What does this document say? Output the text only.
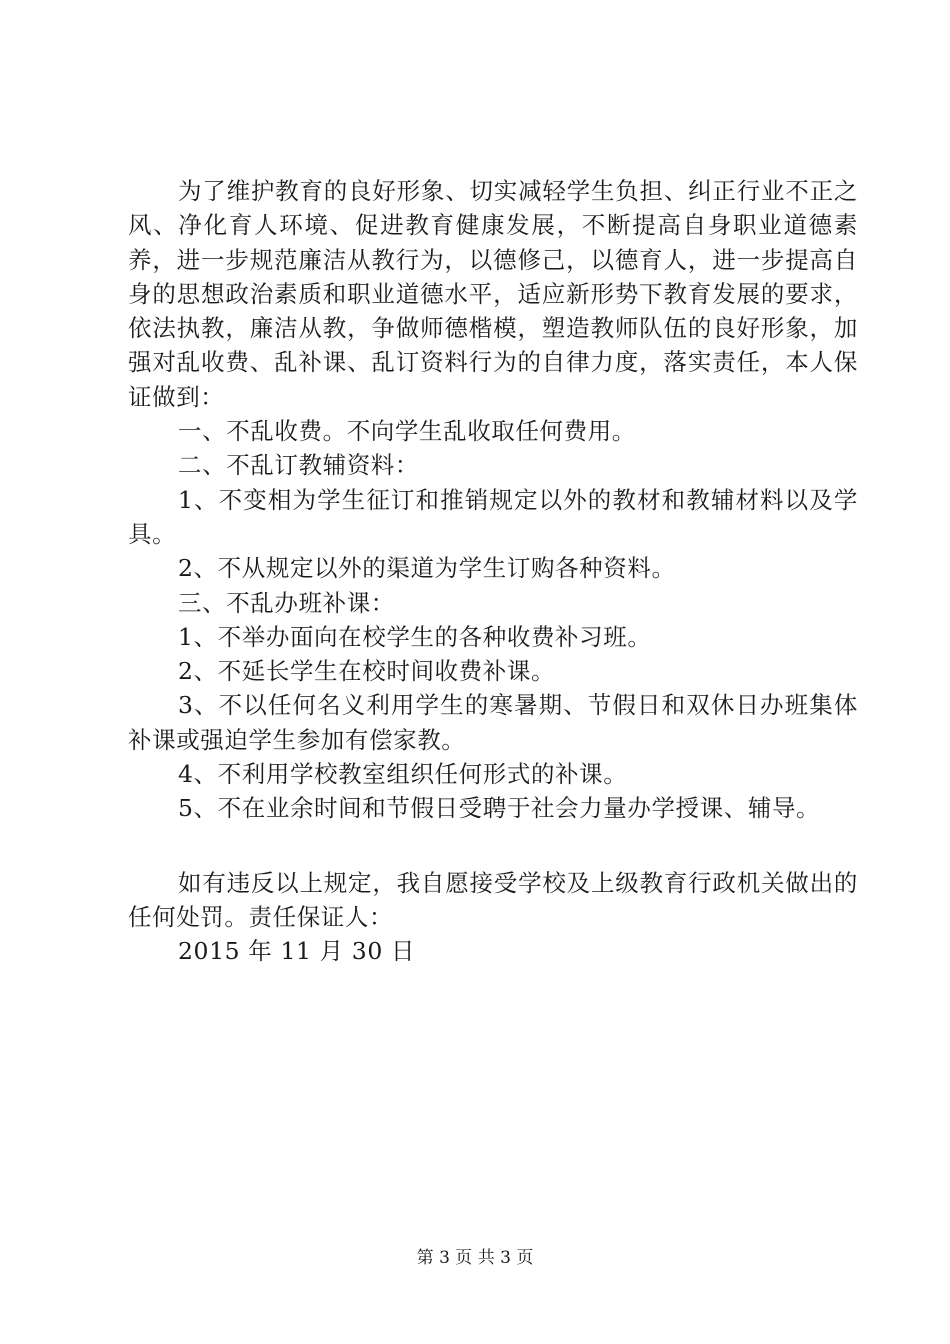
为了维护教育的良好形象、切实减轻学生负担、纠正行业不正之风、净化育人环境、促进教育健康发展，不断提高自身职业道德素养，进一步规范廉洁从教行为，以德修己，以德育人，进一步提高自身的思想政治素质和职业道德水平，适应新形势下教育发展的要求，依法执教，廉洁从教，争做师德楷模，塑造教师队伍的良好形象，加强对乱收费、乱补课、乱订资料行为的自律力度，落实责任，本人保证做到：

一、不乱收费。不向学生乱收取任何费用。

二、不乱订教辅资料：

1、不变相为学生征订和推销规定以外的教材和教辅材料以及学具。

2、不从规定以外的渠道为学生订购各种资料。

三、不乱办班补课：

1、不举办面向在校学生的各种收费补习班。

2、不延长学生在校时间收费补课。

3、不以任何名义利用学生的寒暑期、节假日和双休日办班集体补课或强迫学生参加有偿家教。

4、不利用学校教室组织任何形式的补课。

5、不在业余时间和节假日受聘于社会力量办学授课、辅导。

如有违反以上规定，我自愿接受学校及上级教育行政机关做出的任何处罚。责任保证人：

2015 年 11 月 30 日

第 3 页 共 3 页
